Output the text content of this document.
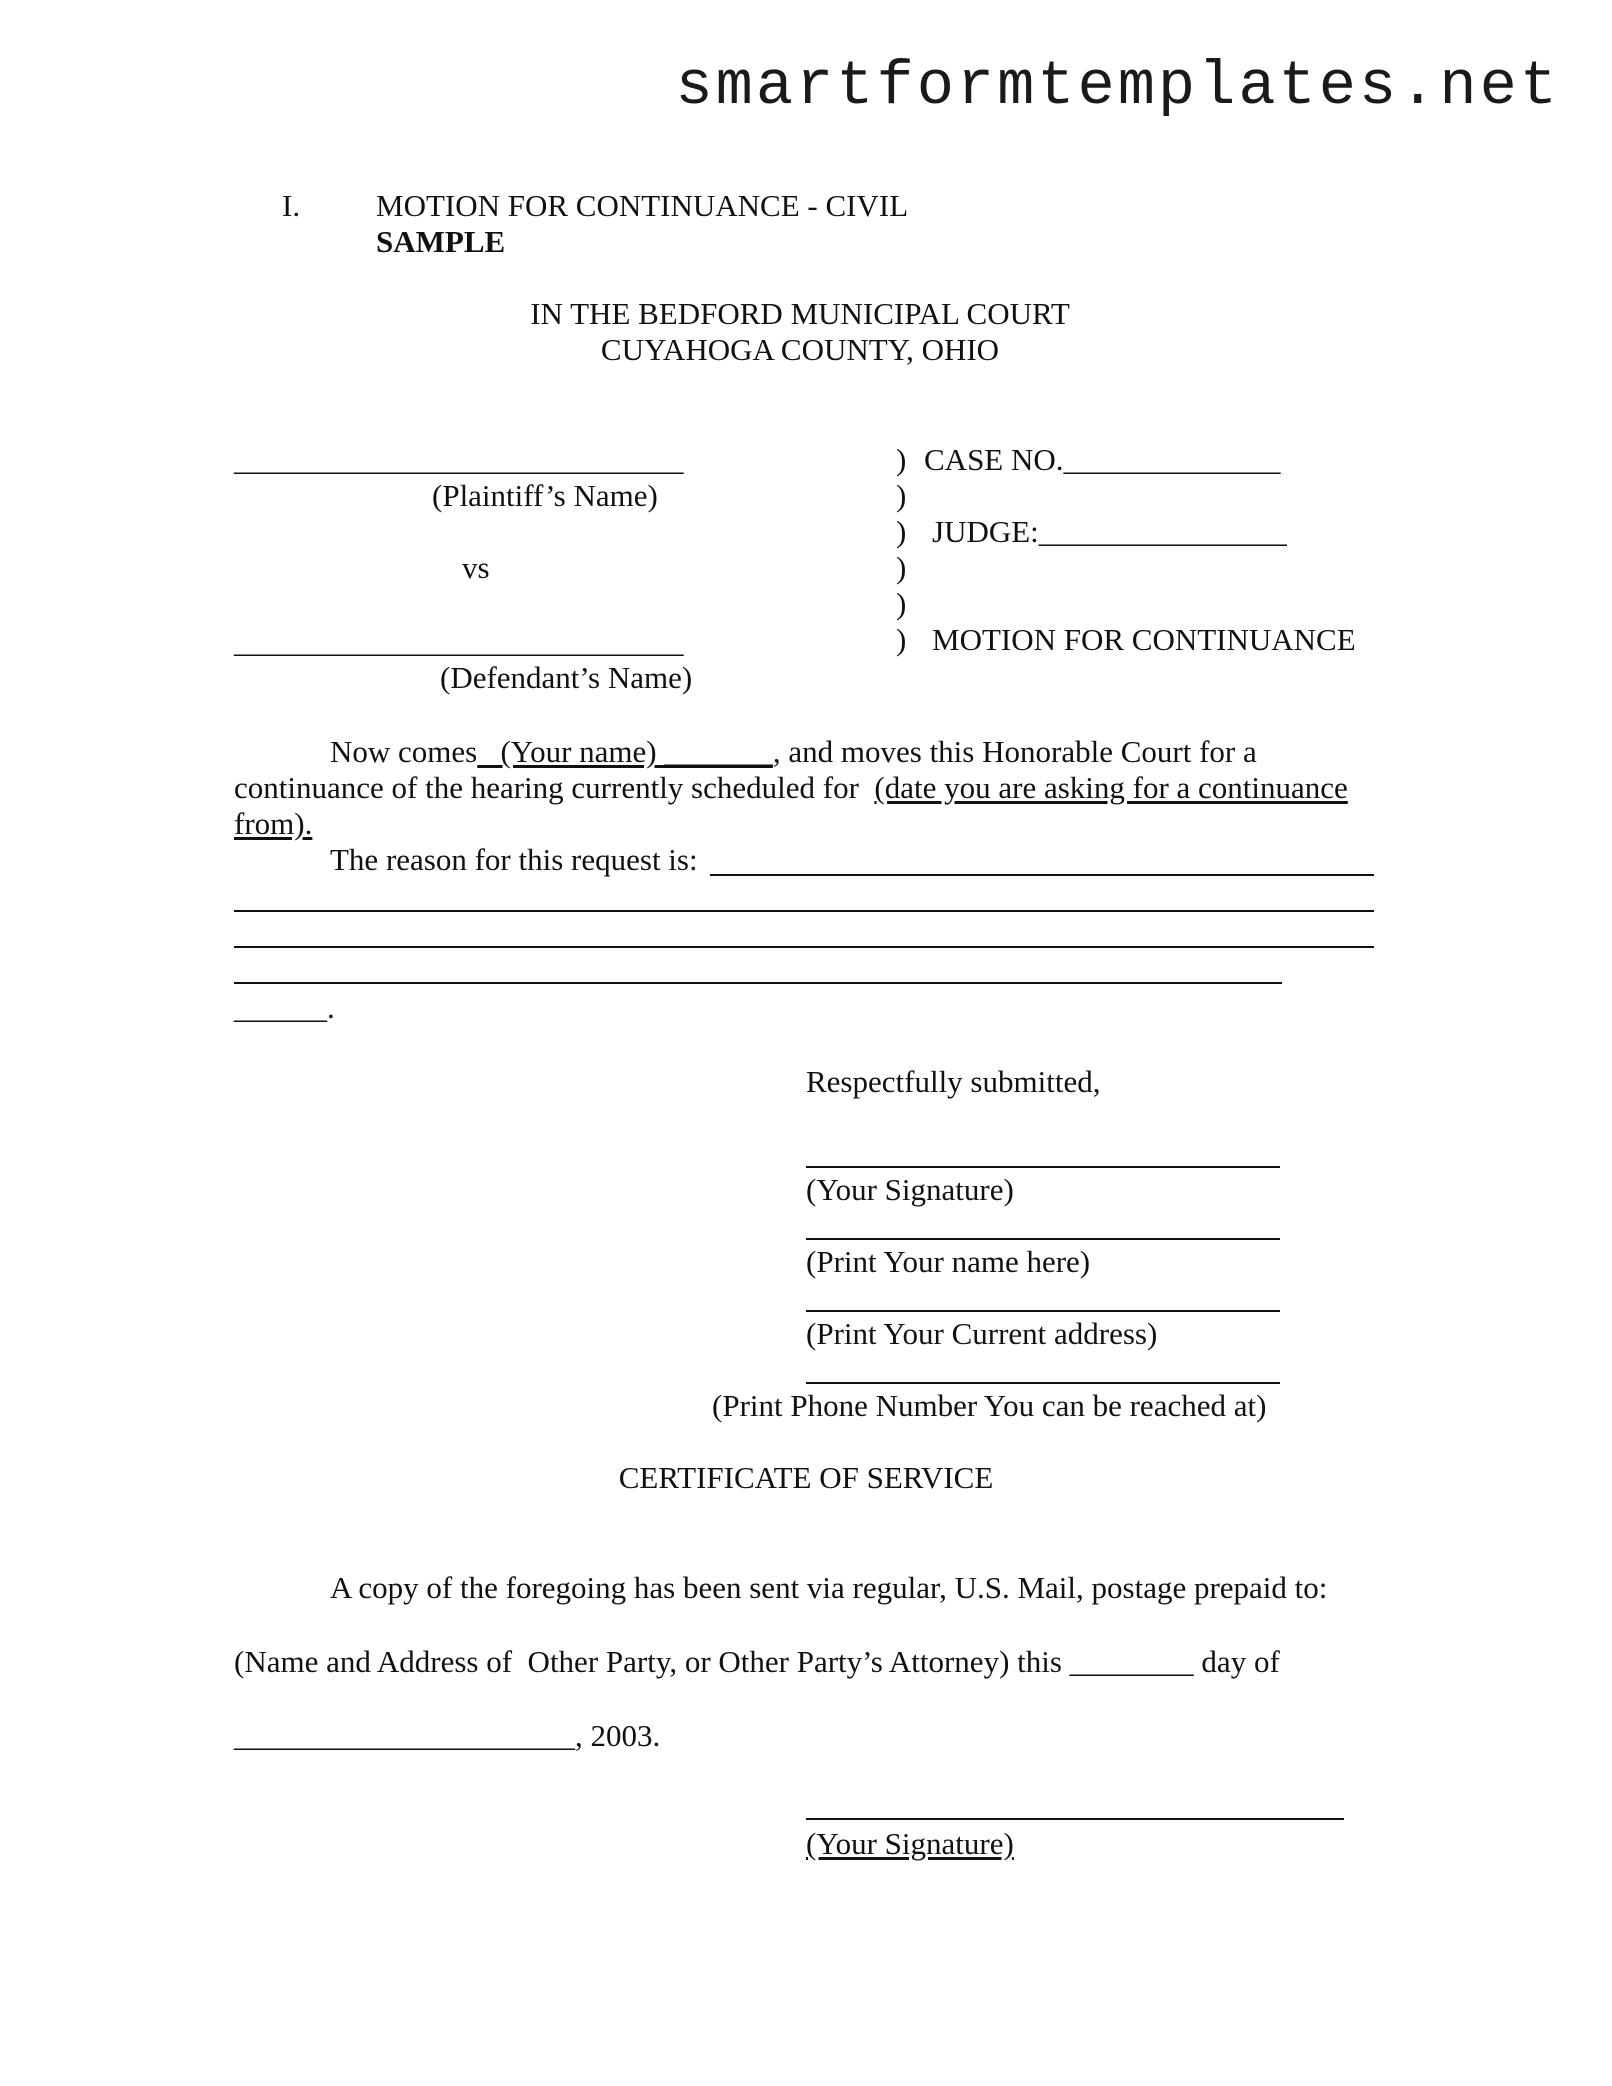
smartformtemplates.net
I. MOTION FOR CONTINUANCE - CIVIL
SAMPLE
IN THE BEDFORD MUNICIPAL COURT
CUYAHOGA COUNTY, OHIO
_____________________________
(Plaintiff’s Name)
vs
_____________________________
(Defendant’s Name)
)
)
)
)
)
)
CASE NO.______________
JUDGE:________________
MOTION FOR CONTINUANCE
Now comes   (Your name) _______, and moves this Honorable Court for a
continuance of the hearing currently scheduled for (date you are asking for a continuance
from).
The reason for this request is:
______.
Respectfully submitted,
(Your Signature)
(Print Your name here)
(Print Your Current address)
(Print Phone Number You can be reached at)
CERTIFICATE OF SERVICE
A copy of the foregoing has been sent via regular, U.S. Mail, postage prepaid to:
(Name and Address of  Other Party, or Other Party’s Attorney) this ________ day of
______________________, 2003.
(Your Signature)
